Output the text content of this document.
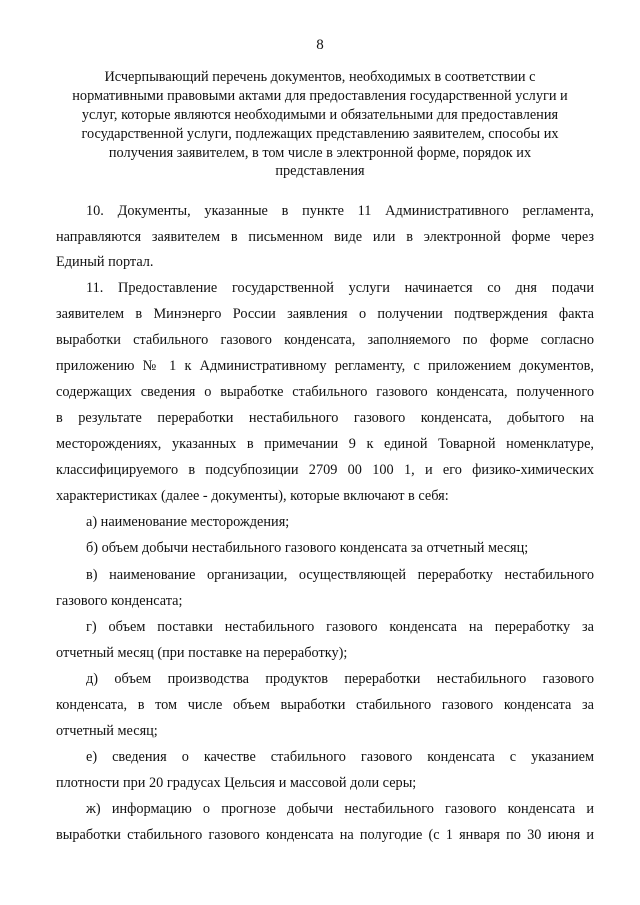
8
Исчерпывающий перечень документов, необходимых в соответствии с
нормативными правовыми актами для предоставления государственной услуги и
услуг, которые являются необходимыми и обязательными для предоставления
государственной услуги, подлежащих представлению заявителем, способы их
получения заявителем, в том числе в электронной форме, порядок их
представления
10. Документы, указанные в пункте 11 Административного регламента,
направляются заявителем в письменном виде или в электронной форме через
Единый портал.
11. Предоставление государственной услуги начинается со дня подачи
заявителем в Минэнерго России заявления о получении подтверждения факта
выработки стабильного газового конденсата, заполняемого по форме согласно
приложению № 1 к Административному регламенту, с приложением документов,
содержащих сведения о выработке стабильного газового конденсата, полученного
в результате переработки нестабильного газового конденсата, добытого на
месторождениях, указанных в примечании 9 к единой Товарной номенклатуре,
классифицируемого в подсубпозиции 2709 00 100 1, и его физико-химических
характеристиках (далее - документы), которые включают в себя:
а) наименование месторождения;
б) объем добычи нестабильного газового конденсата за отчетный месяц;
в) наименование организации, осуществляющей переработку нестабильного
газового конденсата;
г) объем поставки нестабильного газового конденсата на переработку за
отчетный месяц (при поставке на переработку);
д) объем производства продуктов переработки нестабильного газового
конденсата, в том числе объем выработки стабильного газового конденсата за
отчетный месяц;
е) сведения о качестве стабильного газового конденсата с указанием
плотности при 20 градусах Цельсия и массовой доли серы;
ж) информацию о прогнозе добычи нестабильного газового конденсата и
выработки стабильного газового конденсата на полугодие (с 1 января по 30 июня и
